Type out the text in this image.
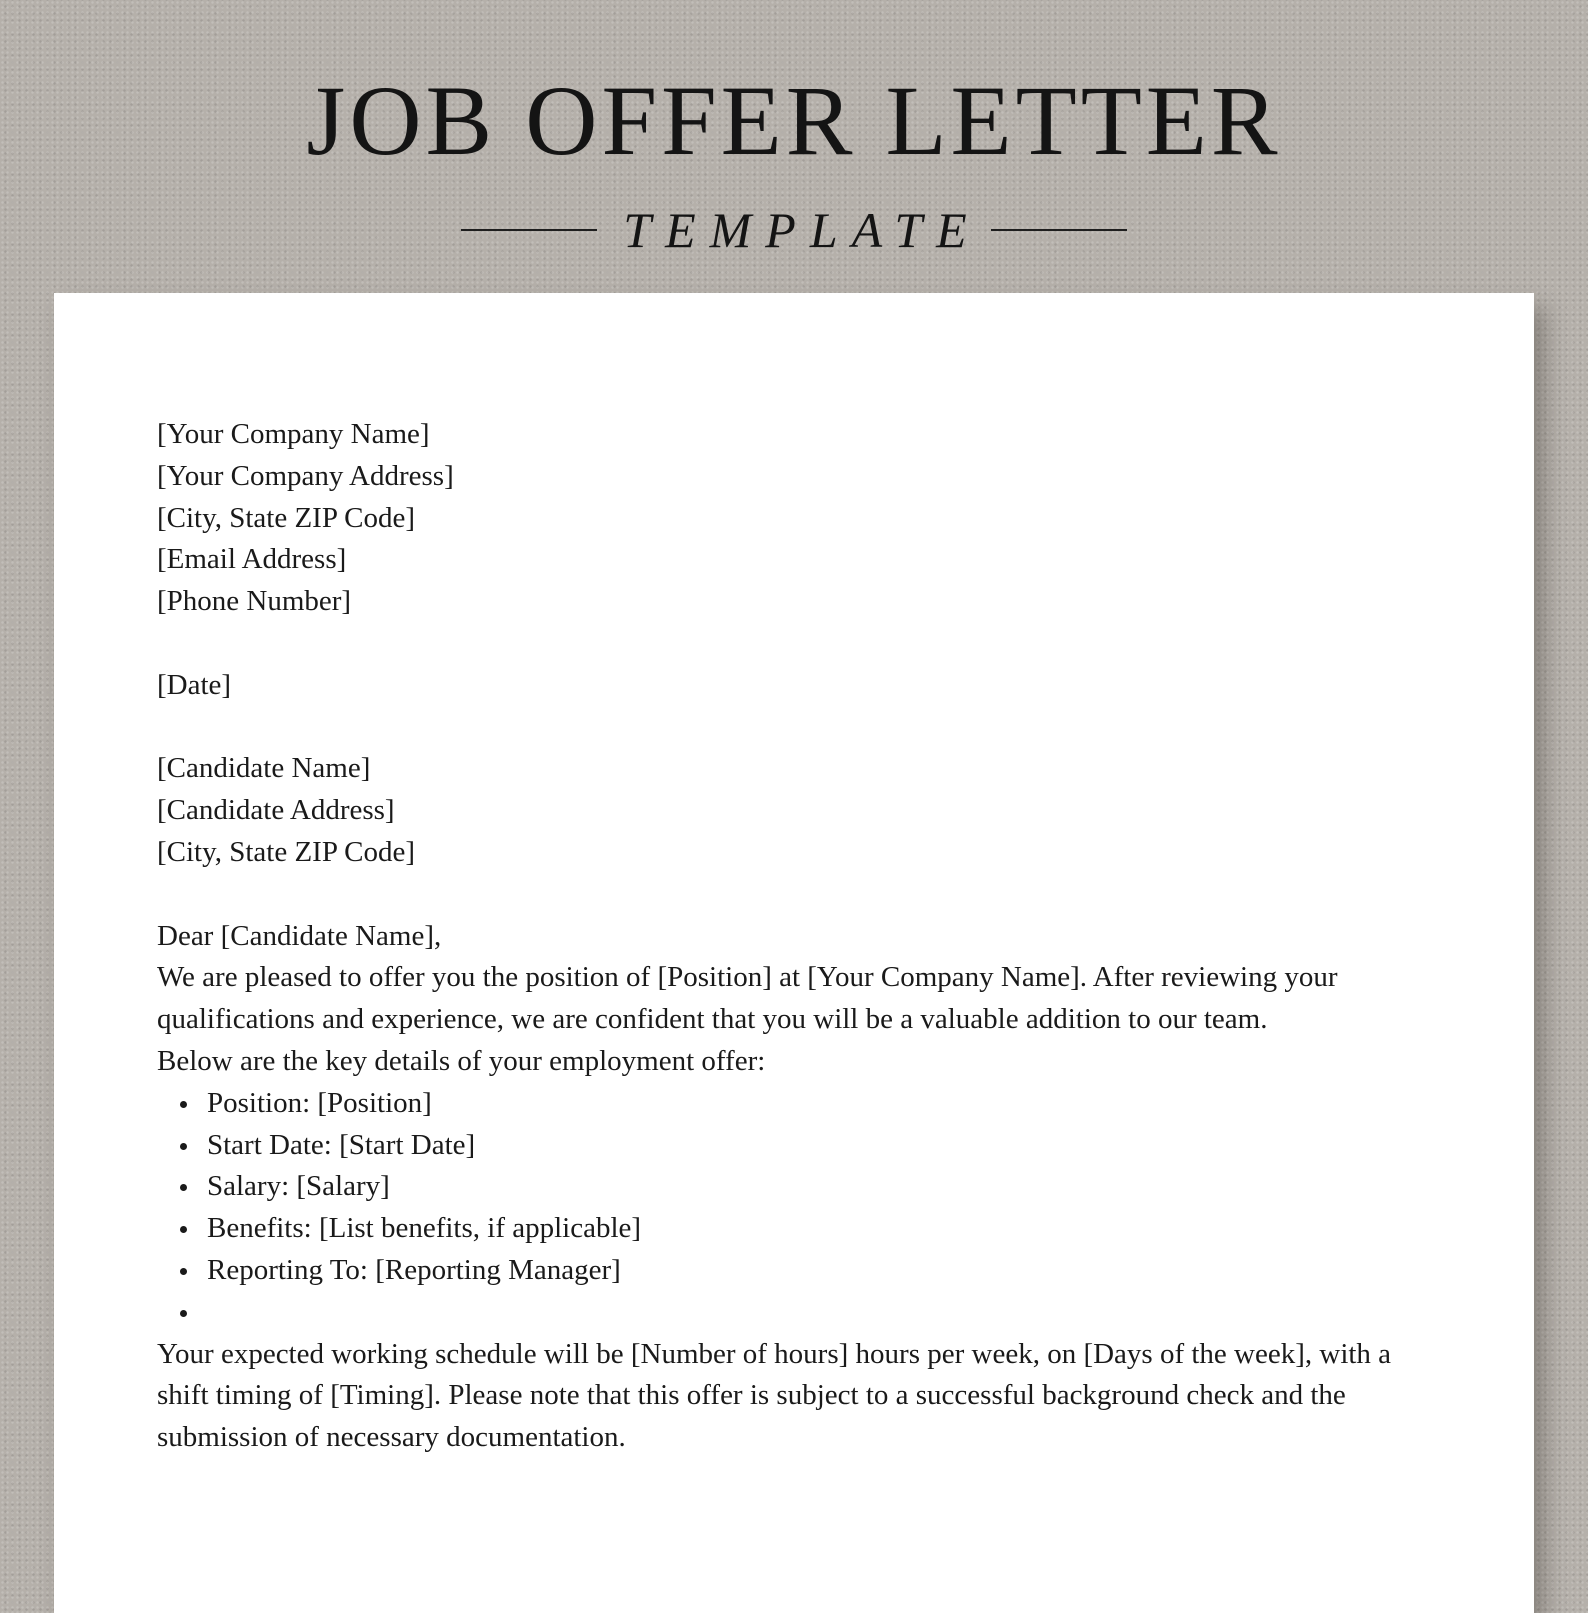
JOB OFFER LETTER
TEMPLATE
[Your Company Name]
[Your Company Address]
[City, State ZIP Code]
[Email Address]
[Phone Number]
[Date]
[Candidate Name]
[Candidate Address]
[City, State ZIP Code]

Dear [Candidate Name],

We are pleased to offer you the position of [Position] at [Your Company Name]. After reviewing your qualifications and experience, we are confident that you will be a valuable addition to our team.

Below are the key details of your employment offer:

Position: [Position]
Start Date: [Start Date]
Salary: [Salary]
Benefits: [List benefits, if applicable]
Reporting To: [Reporting Manager]

Your expected working schedule will be [Number of hours] hours per week, on [Days of the week], with a shift timing of [Timing]. Please note that this offer is subject to a successful background check and the submission of necessary documentation.
